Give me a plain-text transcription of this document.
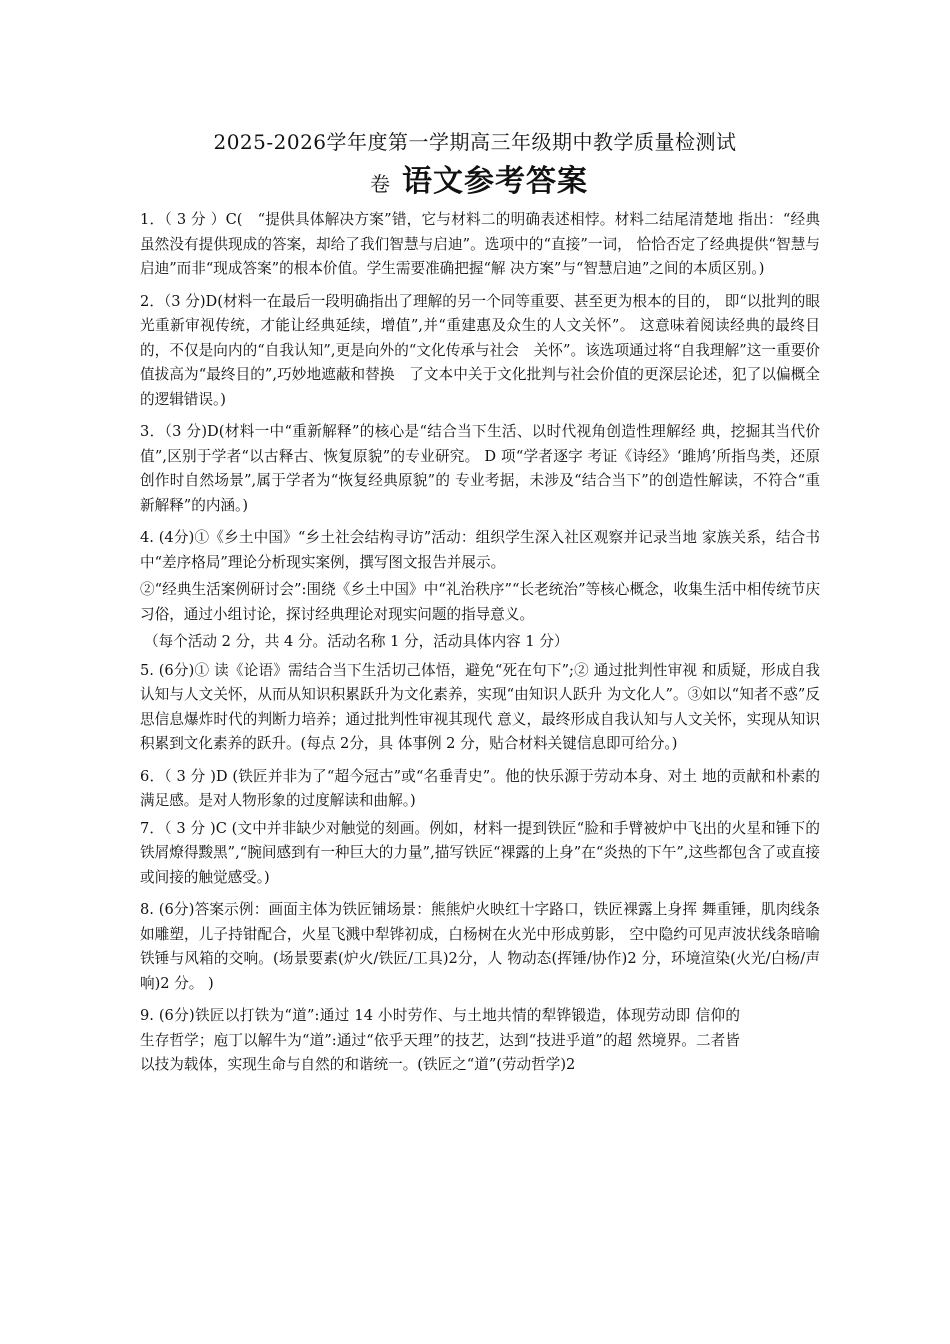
2025-2026学年度第一学期高三年级期中教学质量检测试
卷 语文参考答案

1．（ 3 分 ）C(　“提供具体解决方案”错，它与材料二的明确表述相悖。材料二结尾清楚地 指出：“经典虽然没有提供现成的答案，却给了我们智慧与启迪”。选项中的“直接”一词， 恰恰否定了经典提供“智慧与启迪”而非“现成答案”的根本价值。学生需要准确把握“解 决方案”与“智慧启迪”之间的本质区别。)

2．（3 分)D(材料一在最后一段明确指出了理解的另一个同等重要、甚至更为根本的目的， 即“以批判的眼光重新审视传统，才能让经典延续，增值”,并“重建惠及众生的人文关怀”。 这意味着阅读经典的最终目的，不仅是向内的“自我认知”,更是向外的“文化传承与社会　关怀”。该选项通过将“自我理解”这一重要价值拔高为“最终目的”,巧妙地遮蔽和替换　了文本中关于文化批判与社会价值的更深层论述，犯了以偏概全的逻辑错误。)

3．（3 分)D(材料一中“重新解释”的核心是“结合当下生活、以时代视角创造性理解经 典，挖掘其当代价值”,区别于学者“以古释古、恢复原貌”的专业研究。 D 项“学者逐字 考证《诗经》‘雎鸠’所指鸟类，还原创作时自然场景”,属于学者为“恢复经典原貌”的 专业考据，未涉及“结合当下”的创造性解读，不符合“重新解释”的内涵。)

4. (4分)①《乡土中国》“乡土社会结构寻访”活动：组织学生深入社区观察并记录当地 家族关系，结合书中“差序格局”理论分析现实案例，撰写图文报告并展示。

②“经典生活案例研讨会”:围绕《乡土中国》中“礼治秩序”“长老统治”等核心概念，收集生活中相传统节庆习俗，通过小组讨论，探讨经典理论对现实问题的指导意义。

（每个活动 2 分，共 4 分。活动名称 1 分，活动具体内容 1 分）

5. (6分)① 读《论语》需结合当下生活切己体悟，避免“死在句下”;② 通过批判性审视 和质疑，形成自我认知与人文关怀，从而从知识积累跃升为文化素养，实现“由知识人跃升 为文化人”。③如以“知者不惑”反思信息爆炸时代的判断力培养；通过批判性审视其现代 意义，最终形成自我认知与人文关怀，实现从知识积累到文化素养的跃升。(每点 2分，具 体事例 2 分，贴合材料关键信息即可给分。)

6．（ 3 分 )D (铁匠并非为了“超今冠古”或“名垂青史”。他的快乐源于劳动本身、对土 地的贡献和朴素的满足感。是对人物形象的过度解读和曲解。)

7．（ 3 分 )C (文中并非缺少对触觉的刻画。例如，材料一提到铁匠“脸和手臂被炉中飞出的火星和锤下的铁屑燎得黢黑”,“腕间感到有一种巨大的力量”,描写铁匠“裸露的上身”在“炎热的下午”,这些都包含了或直接或间接的触觉感受。)

8. (6分)答案示例：画面主体为铁匠铺场景：熊熊炉火映红十字路口，铁匠裸露上身挥 舞重锤，肌肉线条如雕塑，儿子持钳配合，火星飞溅中犁铧初成，白杨树在火光中形成剪影， 空中隐约可见声波状线条暗喻铁锤与风箱的交响。(场景要素(炉火/铁匠/工具)2分，人 物动态(挥锤/协作)2 分，环境渲染(火光/白杨/声响)2 分。 )

9. (6分)铁匠以打铁为“道”:通过 14 小时劳作、与土地共情的犁铧锻造，体现劳动即 信仰的生存哲学；庖丁以解牛为“道”:通过“依乎天理”的技艺，达到“技进乎道”的超 然境界。二者皆以技为载体，实现生命与自然的和谐统一。(铁匠之“道”(劳动哲学)2
